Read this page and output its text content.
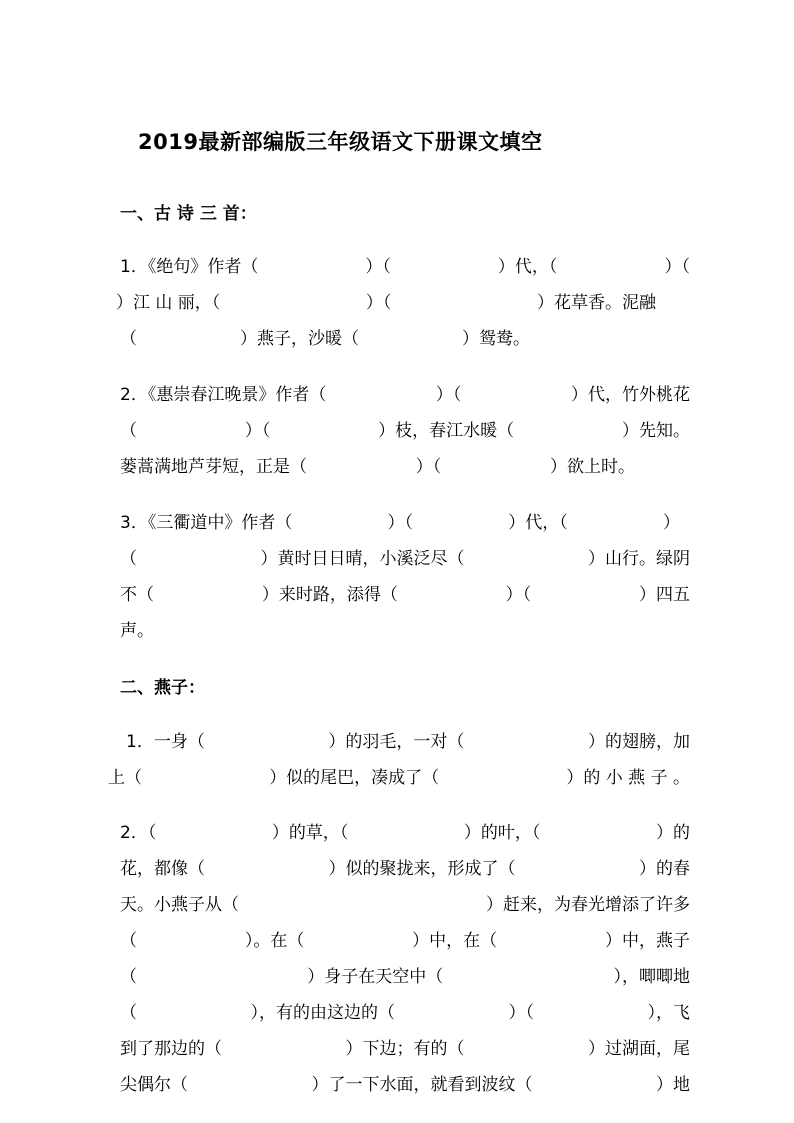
2019最新部编版三年级语文下册课文填空
一、古 诗 三 首：
1．《绝句》作者（	）（	）代，（	）（
）江 山 丽，（	）（	）花草香。泥融
（	）燕子，沙暖（	）鸳鸯。
2．《惠崇春江晚景》作者（	）（	）代，竹外桃花
（	）（	）枝，春江水暖（	）先知。
蒌蒿满地芦芽短，正是（	）（	）欲上时。
3．《三衢道中》作者（	）（	）代，（	）
（	）黄时日日晴，小溪泛尽（	）山行。绿阴
不（	）来时路，添得（	）（	）四五
声。
二、燕子：
1．一身（	）的羽毛，一对（	）的翅膀，加
上（	）似的尾巴，凑成了（	）的 小 燕 子 。
2．（	）的草，（	）的叶，（	）的
花，都像（	）似的聚拢来，形成了（	）的春
天。小燕子从（	）赶来，为春光增添了许多
（	）。在（	）中，在（	）中，燕子
（	）身子在天空中（	），唧唧地
（	），有的由这边的（	）（	），飞
到了那边的（	）下边；有的（	）过湖面，尾
尖偶尔（	）了一下水面，就看到波纹（	）地
